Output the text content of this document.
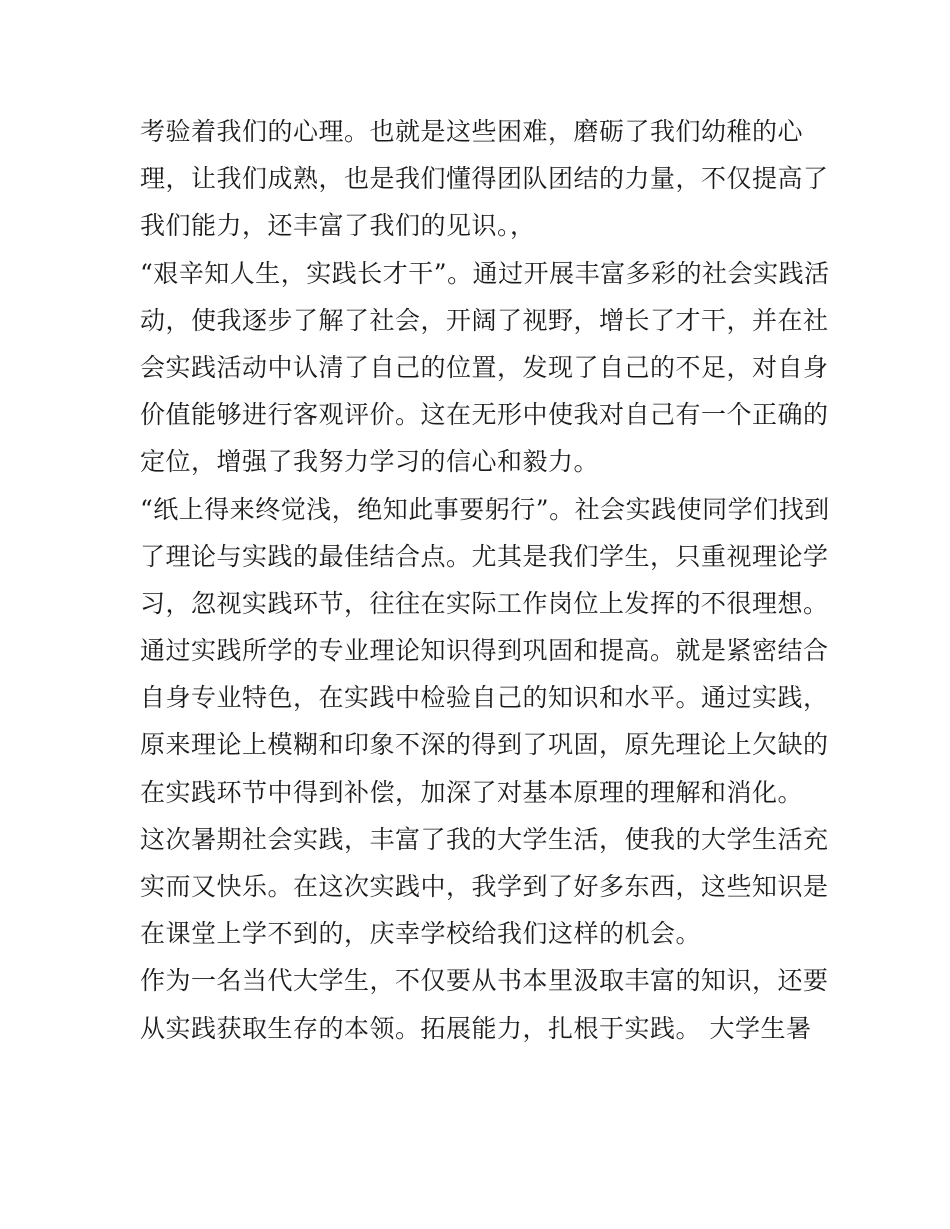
考验着我们的心理。也就是这些困难，磨砺了我们幼稚的心
理，让我们成熟，也是我们懂得团队团结的力量，不仅提高了
我们能力，还丰富了我们的见识。，
“艰辛知人生，实践长才干”。通过开展丰富多彩的社会实践活
动，使我逐步了解了社会，开阔了视野，增长了才干，并在社
会实践活动中认清了自己的位置，发现了自己的不足，对自身
价值能够进行客观评价。这在无形中使我对自己有一个正确的
定位，增强了我努力学习的信心和毅力。
“纸上得来终觉浅，绝知此事要躬行”。社会实践使同学们找到
了理论与实践的最佳结合点。尤其是我们学生，只重视理论学
习，忽视实践环节，往往在实际工作岗位上发挥的不很理想。
通过实践所学的专业理论知识得到巩固和提高。就是紧密结合
自身专业特色，在实践中检验自己的知识和水平。通过实践，
原来理论上模糊和印象不深的得到了巩固，原先理论上欠缺的
在实践环节中得到补偿，加深了对基本原理的理解和消化。
这次暑期社会实践，丰富了我的大学生活，使我的大学生活充
实而又快乐。在这次实践中，我学到了好多东西，这些知识是
在课堂上学不到的，庆幸学校给我们这样的机会。
作为一名当代大学生，不仅要从书本里汲取丰富的知识，还要
从实践获取生存的本领。拓展能力，扎根于实践。 大学生暑
